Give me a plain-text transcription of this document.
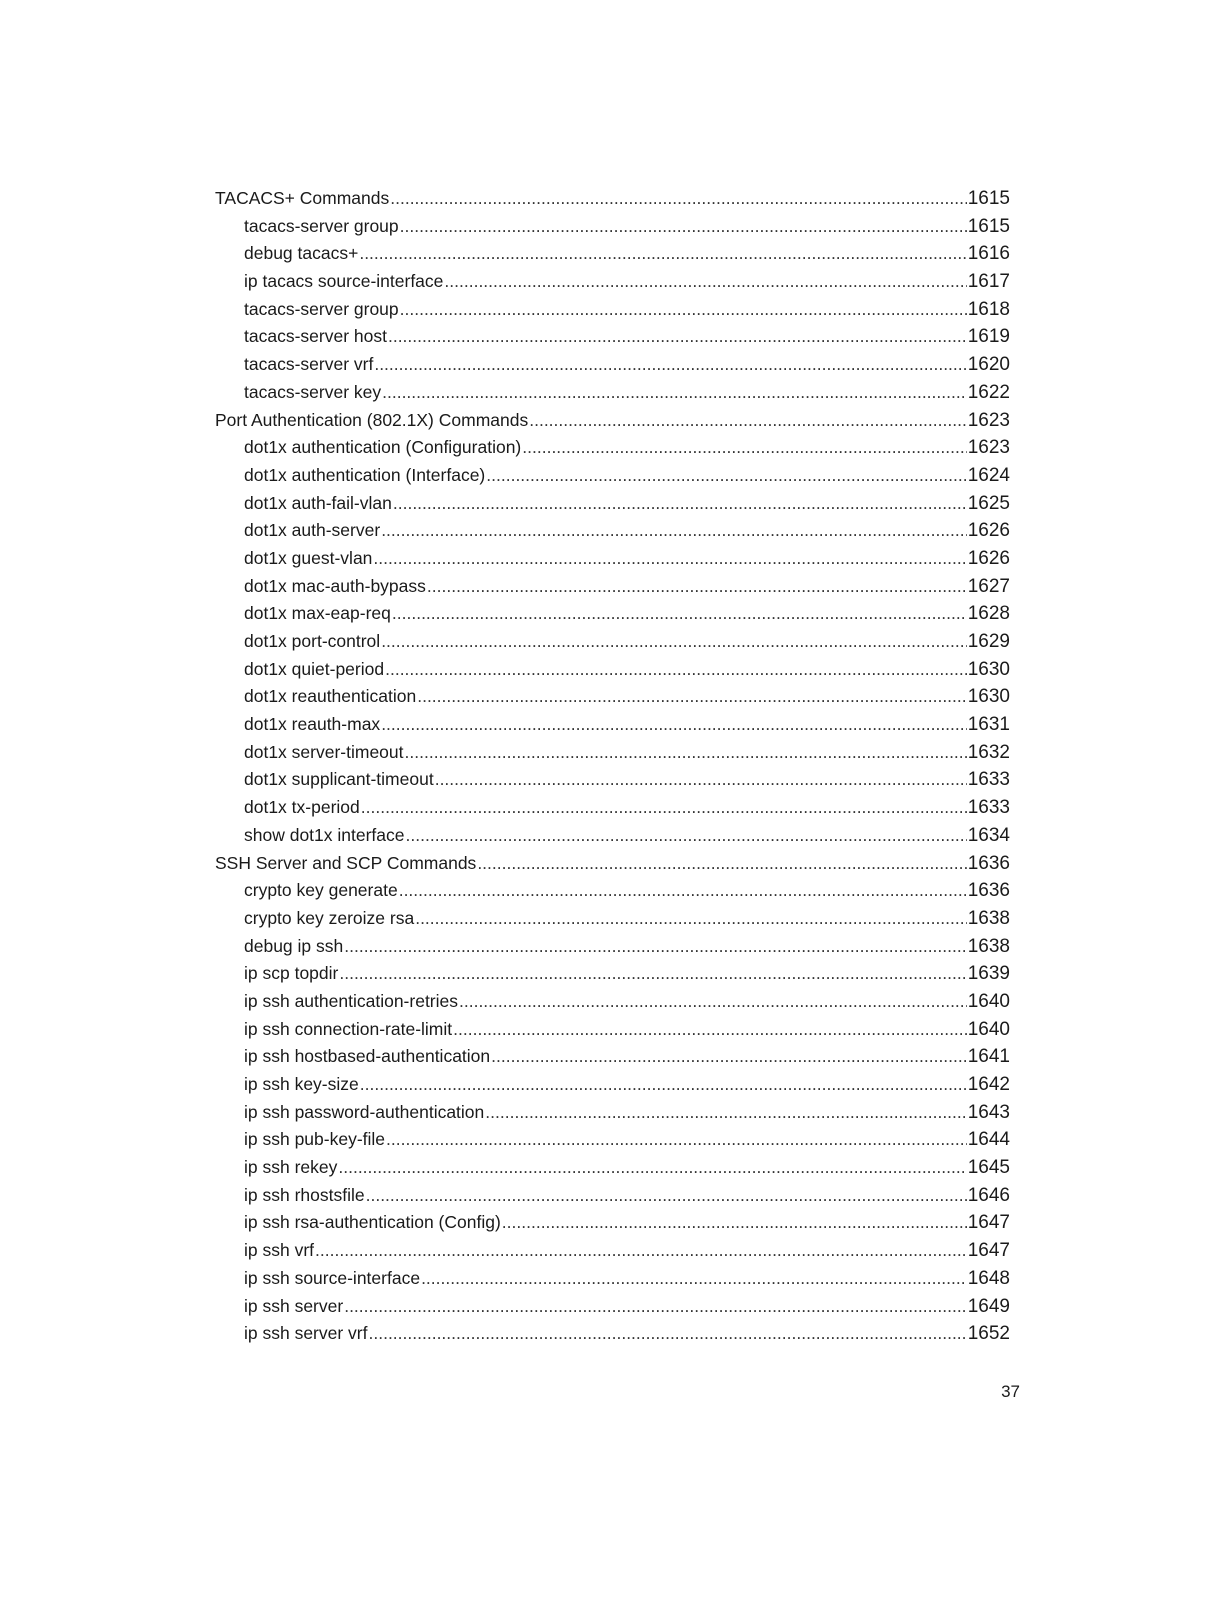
TACACS+ Commands .....	1615
tacacs-server group .....	1615
debug tacacs+ .....	1616
ip tacacs source-interface .....	1617
tacacs-server group .....	1618
tacacs-server host .....	1619
tacacs-server vrf .....	1620
tacacs-server key .....	1622
Port Authentication (802.1X) Commands .....	1623
dot1x authentication (Configuration) .....	1623
dot1x authentication (Interface) .....	1624
dot1x auth-fail-vlan .....	1625
dot1x auth-server .....	1626
dot1x guest-vlan .....	1626
dot1x mac-auth-bypass .....	1627
dot1x max-eap-req .....	1628
dot1x port-control .....	1629
dot1x quiet-period .....	1630
dot1x reauthentication .....	1630
dot1x reauth-max .....	1631
dot1x server-timeout .....	1632
dot1x supplicant-timeout .....	1633
dot1x tx-period .....	1633
show dot1x interface .....	1634
SSH Server and SCP Commands .....	1636
crypto key generate .....	1636
crypto key zeroize rsa .....	1638
debug ip ssh .....	1638
ip scp topdir .....	1639
ip ssh authentication-retries .....	1640
ip ssh connection-rate-limit .....	1640
ip ssh hostbased-authentication .....	1641
ip ssh key-size .....	1642
ip ssh password-authentication .....	1643
ip ssh pub-key-file .....	1644
ip ssh rekey .....	1645
ip ssh rhostsfile .....	1646
ip ssh rsa-authentication (Config) .....	1647
ip ssh vrf .....	1647
ip ssh source-interface .....	1648
ip ssh server .....	1649
ip ssh server vrf .....	1652
37
